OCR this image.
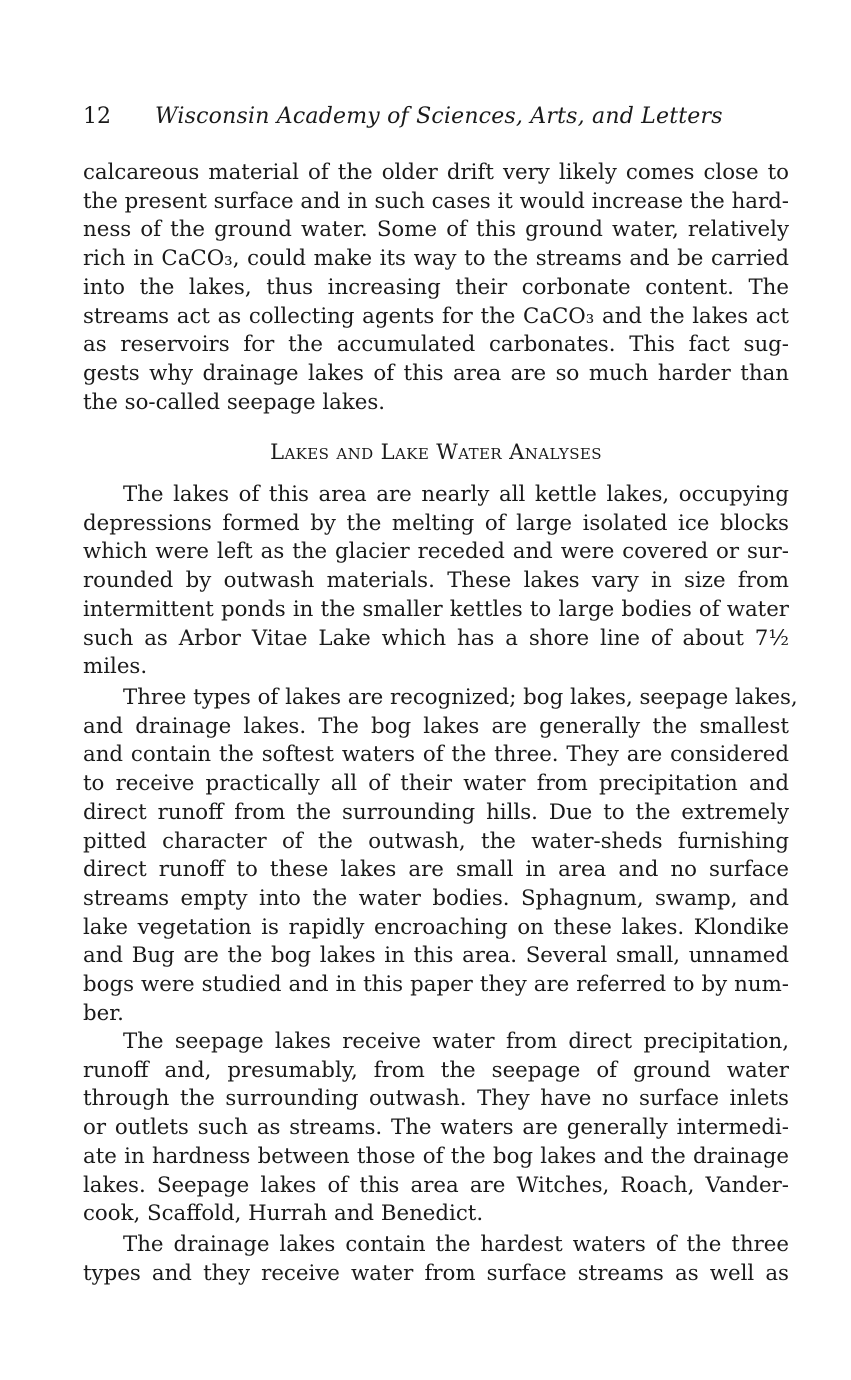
12 Wisconsin Academy of Sciences, Arts, and Letters
calcareous material of the older drift very likely comes close to
the present surface and in such cases it would increase the hard-
ness of the ground water. Some of this ground water, relatively
rich in CaCO₃, could make its way to the streams and be carried
into the lakes, thus increasing their corbonate content. The
streams act as collecting agents for the CaCO₃ and the lakes act
as reservoirs for the accumulated carbonates. This fact sug-
gests why drainage lakes of this area are so much harder than
the so-called seepage lakes.
Lakes and Lake Water Analyses
The lakes of this area are nearly all kettle lakes, occupying
depressions formed by the melting of large isolated ice blocks
which were left as the glacier receded and were covered or sur-
rounded by outwash materials. These lakes vary in size from
intermittent ponds in the smaller kettles to large bodies of water
such as Arbor Vitae Lake which has a shore line of about 7½
miles.
Three types of lakes are recognized; bog lakes, seepage lakes,
and drainage lakes. The bog lakes are generally the smallest
and contain the softest waters of the three. They are considered
to receive practically all of their water from precipitation and
direct runoff from the surrounding hills. Due to the extremely
pitted character of the outwash, the water-sheds furnishing
direct runoff to these lakes are small in area and no surface
streams empty into the water bodies. Sphagnum, swamp, and
lake vegetation is rapidly encroaching on these lakes. Klondike
and Bug are the bog lakes in this area. Several small, unnamed
bogs were studied and in this paper they are referred to by num-
ber.
The seepage lakes receive water from direct precipitation,
runoff and, presumably, from the seepage of ground water
through the surrounding outwash. They have no surface inlets
or outlets such as streams. The waters are generally intermedi-
ate in hardness between those of the bog lakes and the drainage
lakes. Seepage lakes of this area are Witches, Roach, Vander-
cook, Scaffold, Hurrah and Benedict.
The drainage lakes contain the hardest waters of the three
types and they receive water from surface streams as well as
